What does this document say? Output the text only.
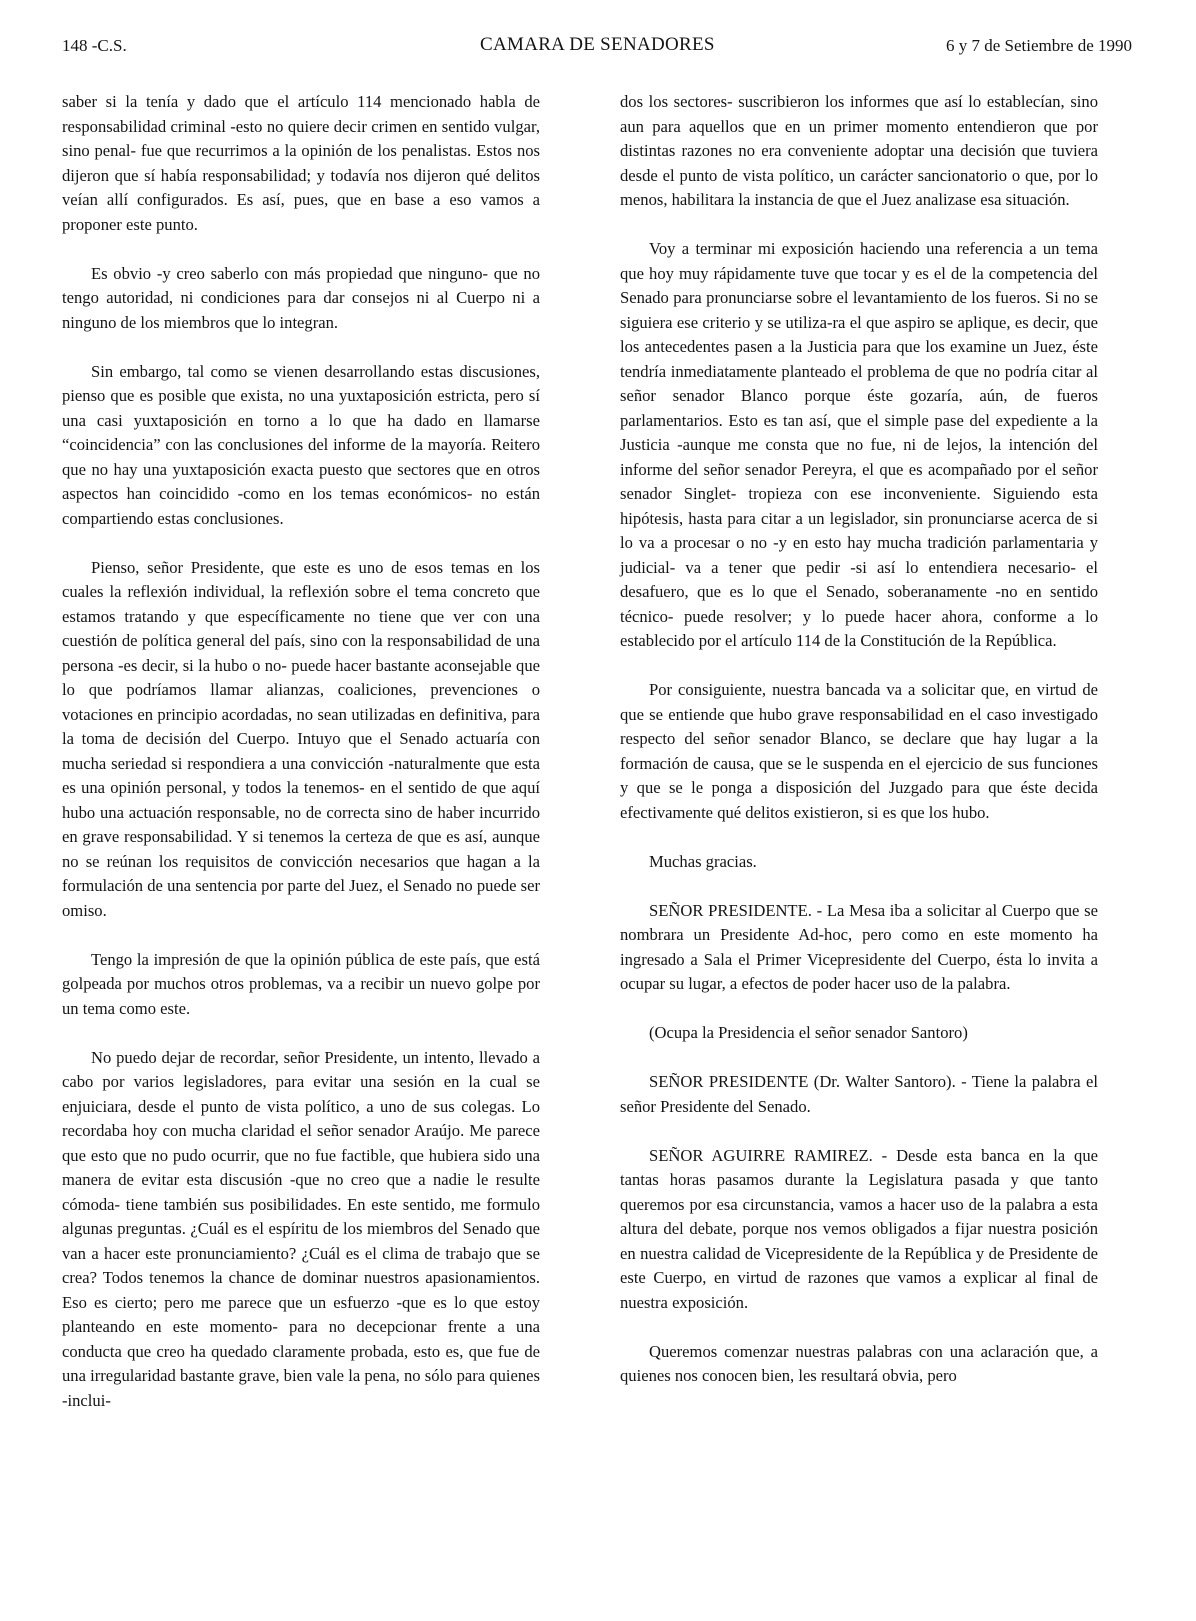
148 -C.S.	CAMARA DE SENADORES	6 y 7 de Setiembre de 1990

saber si la tenía y dado que el artículo 114 mencionado habla de responsabilidad criminal -esto no quiere decir crimen en sentido vulgar, sino penal- fue que recurrimos a la opinión de los penalistas. Estos nos dijeron que sí había responsabilidad; y todavía nos dijeron qué delitos veían allí configurados. Es así, pues, que en base a eso vamos a proponer este punto.

Es obvio -y creo saberlo con más propiedad que ninguno- que no tengo autoridad, ni condiciones para dar consejos ni al Cuerpo ni a ninguno de los miembros que lo integran.

Sin embargo, tal como se vienen desarrollando estas discusiones, pienso que es posible que exista, no una yuxtaposición estricta, pero sí una casi yuxtaposición en torno a lo que ha dado en llamarse “coincidencia” con las conclusiones del informe de la mayoría. Reitero que no hay una yuxtaposición exacta puesto que sectores que en otros aspectos han coincidido -como en los temas económicos- no están compartiendo estas conclusiones.

Pienso, señor Presidente, que este es uno de esos temas en los cuales la reflexión individual, la reflexión sobre el tema concreto que estamos tratando y que específicamente no tiene que ver con una cuestión de política general del país, sino con la responsabilidad de una persona -es decir, si la hubo o no- puede hacer bastante aconsejable que lo que podríamos llamar alianzas, coaliciones, prevenciones o votaciones en principio acordadas, no sean utilizadas en definitiva, para la toma de decisión del Cuerpo. Intuyo que el Senado actuaría con mucha seriedad si respondiera a una convicción -naturalmente que esta es una opinión personal, y todos la tenemos- en el sentido de que aquí hubo una actuación responsable, no de correcta sino de haber incurrido en grave responsabilidad. Y si tenemos la certeza de que es así, aunque no se reúnan los requisitos de convicción necesarios que hagan a la formulación de una sentencia por parte del Juez, el Senado no puede ser omiso.

Tengo la impresión de que la opinión pública de este país, que está golpeada por muchos otros problemas, va a recibir un nuevo golpe por un tema como este.

No puedo dejar de recordar, señor Presidente, un intento, llevado a cabo por varios legisladores, para evitar una sesión en la cual se enjuiciara, desde el punto de vista político, a uno de sus colegas. Lo recordaba hoy con mucha claridad el señor senador Araújo. Me parece que esto que no pudo ocurrir, que no fue factible, que hubiera sido una manera de evitar esta discusión -que no creo que a nadie le resulte cómoda- tiene también sus posibilidades. En este sentido, me formulo algunas preguntas. ¿Cuál es el espíritu de los miembros del Senado que van a hacer este pronunciamiento? ¿Cuál es el clima de trabajo que se crea? Todos tenemos la chance de dominar nuestros apasionamientos. Eso es cierto; pero me parece que un esfuerzo -que es lo que estoy planteando en este momento- para no decepcionar frente a una conducta que creo ha quedado claramente probada, esto es, que fue de una irregularidad bastante grave, bien vale la pena, no sólo para quienes -inclui-

dos los sectores- suscribieron los informes que así lo establecían, sino aun para aquellos que en un primer momento entendieron que por distintas razones no era conveniente adoptar una decisión que tuviera desde el punto de vista político, un carácter sancionatorio o que, por lo menos, habilitara la instancia de que el Juez analizase esa situación.

Voy a terminar mi exposición haciendo una referencia a un tema que hoy muy rápidamente tuve que tocar y es el de la competencia del Senado para pronunciarse sobre el levantamiento de los fueros. Si no se siguiera ese criterio y se utiliza-ra el que aspiro se aplique, es decir, que los antecedentes pasen a la Justicia para que los examine un Juez, éste tendría inmediatamente planteado el problema de que no podría citar al señor senador Blanco porque éste gozaría, aún, de fueros parlamentarios. Esto es tan así, que el simple pase del expediente a la Justicia -aunque me consta que no fue, ni de lejos, la intención del informe del señor senador Pereyra, el que es acompañado por el señor senador Singlet- tropieza con ese inconveniente. Siguiendo esta hipótesis, hasta para citar a un legislador, sin pronunciarse acerca de si lo va a procesar o no -y en esto hay mucha tradición parlamentaria y judicial- va a tener que pedir -si así lo entendiera necesario- el desafuero, que es lo que el Senado, soberanamente -no en sentido técnico- puede resolver; y lo puede hacer ahora, conforme a lo establecido por el artículo 114 de la Constitución de la República.

Por consiguiente, nuestra bancada va a solicitar que, en virtud de que se entiende que hubo grave responsabilidad en el caso investigado respecto del señor senador Blanco, se declare que hay lugar a la formación de causa, que se le suspenda en el ejercicio de sus funciones y que se le ponga a disposición del Juzgado para que éste decida efectivamente qué delitos existieron, si es que los hubo.

Muchas gracias.

SEÑOR PRESIDENTE. - La Mesa iba a solicitar al Cuerpo que se nombrara un Presidente Ad-hoc, pero como en este momento ha ingresado a Sala el Primer Vicepresidente del Cuerpo, ésta lo invita a ocupar su lugar, a efectos de poder hacer uso de la palabra.

(Ocupa la Presidencia el señor senador Santoro)

SEÑOR PRESIDENTE (Dr. Walter Santoro). - Tiene la palabra el señor Presidente del Senado.

SEÑOR AGUIRRE RAMIREZ. - Desde esta banca en la que tantas horas pasamos durante la Legislatura pasada y que tanto queremos por esa circunstancia, vamos a hacer uso de la palabra a esta altura del debate, porque nos vemos obligados a fijar nuestra posición en nuestra calidad de Vicepresidente de la República y de Presidente de este Cuerpo, en virtud de razones que vamos a explicar al final de nuestra exposición.

Queremos comenzar nuestras palabras con una aclaración que, a quienes nos conocen bien, les resultará obvia, pero
